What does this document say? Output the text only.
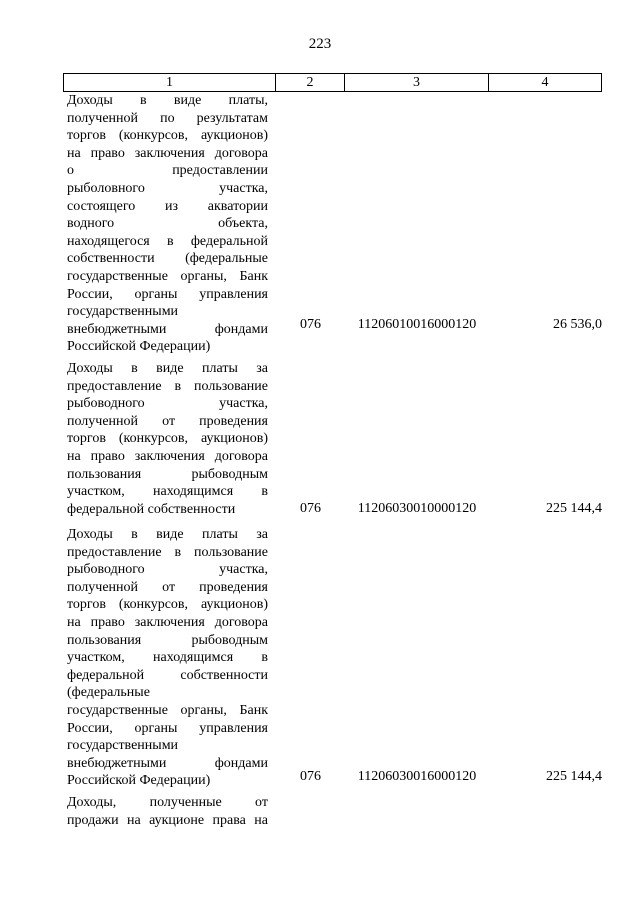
223
1	2	3	4
Доходы в виде платы,
полученной по результатам
торгов (конкурсов, аукционов)
на право заключения договора
о предоставлении
рыболовного участка,
состоящего из акватории
водного объекта,
находящегося в федеральной
собственности (федеральные
государственные органы, Банк
России, органы управления
государственными
внебюджетными фондами
Российской Федерации)
076	11206010016000120	26 536,0
Доходы в виде платы за
предоставление в пользование
рыбоводного участка,
полученной от проведения
торгов (конкурсов, аукционов)
на право заключения договора
пользования рыбоводным
участком, находящимся в
федеральной собственности	076	11206030010000120	225 144,4
Доходы в виде платы за
предоставление в пользование
рыбоводного участка,
полученной от проведения
торгов (конкурсов, аукционов)
на право заключения договора
пользования рыбоводным
участком, находящимся в
федеральной собственности
(федеральные
государственные органы, Банк
России, органы управления
государственными
внебюджетными фондами
Российской Федерации)	076	11206030016000120	225 144,4
Доходы, полученные от
продажи на аукционе права на
